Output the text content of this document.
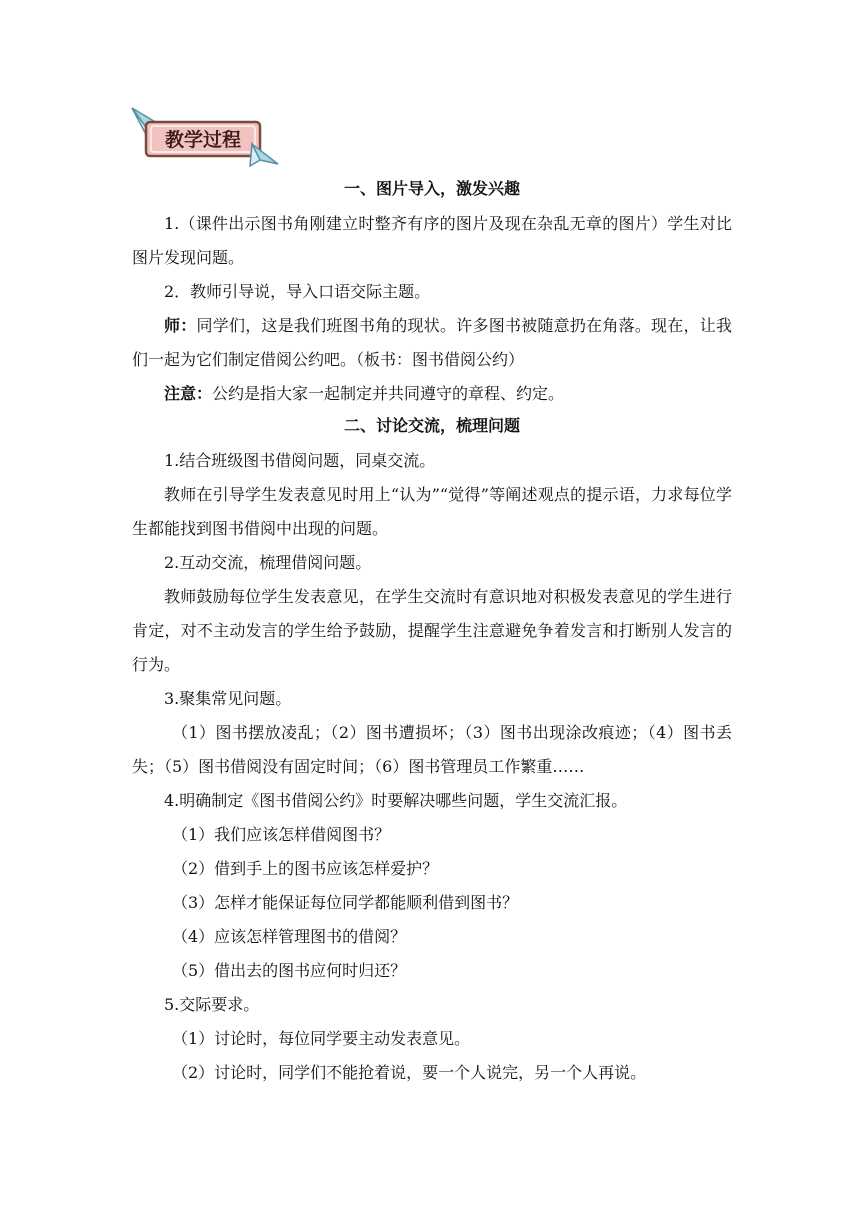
教学过程
一、图片导入，激发兴趣

1.（课件出示图书角刚建立时整齐有序的图片及现在杂乱无章的图片）学生对比图片发现问题。

2．教师引导说，导入口语交际主题。

师：同学们，这是我们班图书角的现状。许多图书被随意扔在角落。现在，让我们一起为它们制定借阅公约吧。（板书：图书借阅公约）

注意：公约是指大家一起制定并共同遵守的章程、约定。

二、讨论交流，梳理问题

1.结合班级图书借阅问题，同桌交流。

教师在引导学生发表意见时用上“认为”“觉得”等阐述观点的提示语，力求每位学生都能找到图书借阅中出现的问题。

2.互动交流，梳理借阅问题。

教师鼓励每位学生发表意见，在学生交流时有意识地对积极发表意见的学生进行肯定，对不主动发言的学生给予鼓励，提醒学生注意避免争着发言和打断别人发言的行为。

3.聚集常见问题。

（1）图书摆放凌乱；（2）图书遭损坏；（3）图书出现涂改痕迹；（4）图书丢失；（5）图书借阅没有固定时间；（6）图书管理员工作繁重……

4.明确制定《图书借阅公约》时要解决哪些问题，学生交流汇报。

（1）我们应该怎样借阅图书？

（2）借到手上的图书应该怎样爱护？

（3）怎样才能保证每位同学都能顺利借到图书？

（4）应该怎样管理图书的借阅？

（5）借出去的图书应何时归还？

5.交际要求。

（1）讨论时，每位同学要主动发表意见。

（2）讨论时，同学们不能抢着说，要一个人说完，另一个人再说。
